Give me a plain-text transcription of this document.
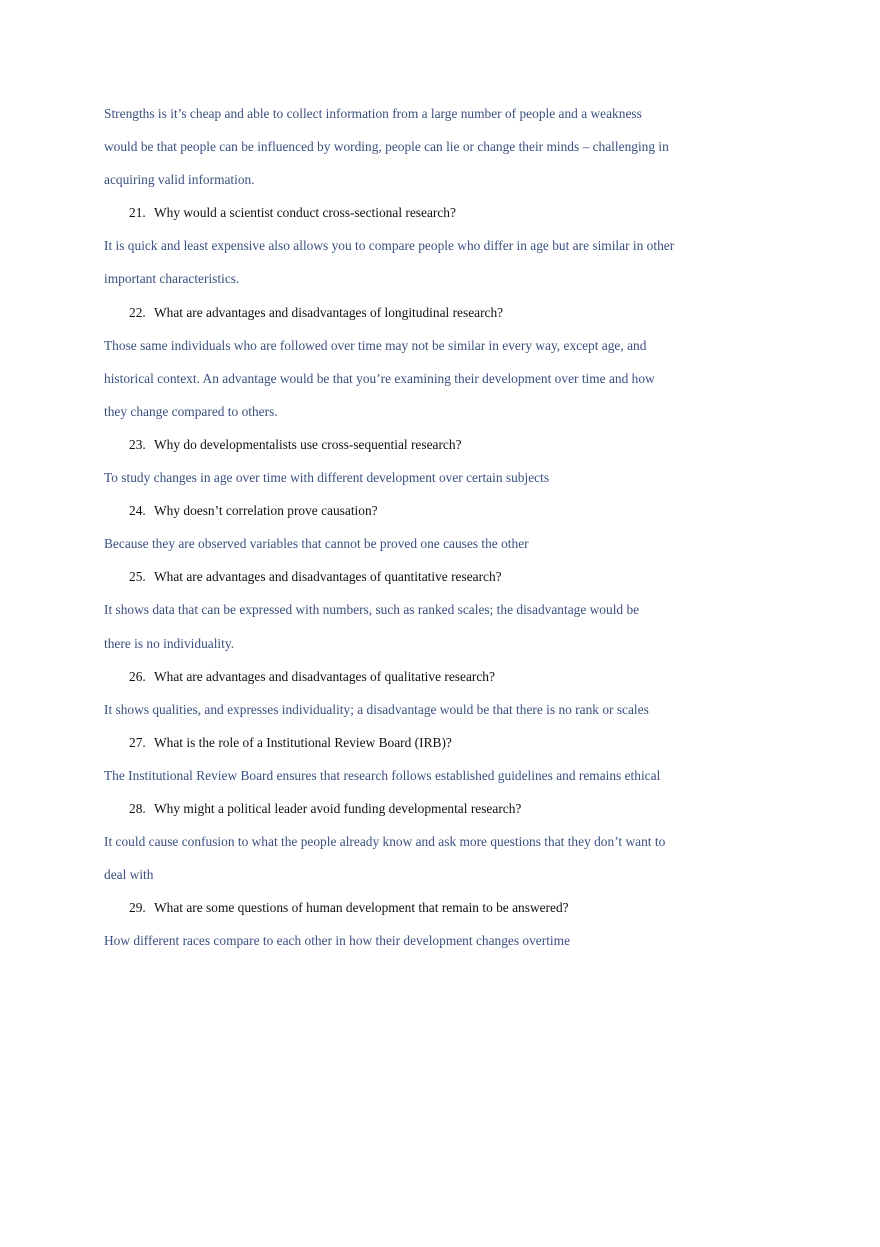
Strengths is it’s cheap and able to collect information from a large number of people and a weakness
would be that people can be influenced by wording, people can lie or change their minds – challenging in
acquiring valid information.
21. Why would a scientist conduct cross-sectional research?
It is quick and least expensive also allows you to compare people who differ in age but are similar in other
important characteristics.
22. What are advantages and disadvantages of longitudinal research?
Those same individuals who are followed over time may not be similar in every way, except age, and
historical context. An advantage would be that you’re examining their development over time and how
they change compared to others.
23. Why do developmentalists use cross-sequential research?
To study changes in age over time with different development over certain subjects
24. Why doesn’t correlation prove causation?
Because they are observed variables that cannot be proved one causes the other
25. What are advantages and disadvantages of quantitative research?
It shows data that can be expressed with numbers, such as ranked scales; the disadvantage would be
there is no individuality.
26. What are advantages and disadvantages of qualitative research?
It shows qualities, and expresses individuality; a disadvantage would be that there is no rank or scales
27. What is the role of a Institutional Review Board (IRB)?
The Institutional Review Board ensures that research follows established guidelines and remains ethical
28. Why might a political leader avoid funding developmental research?
It could cause confusion to what the people already know and ask more questions that they don’t want to
deal with
29. What are some questions of human development that remain to be answered?
How different races compare to each other in how their development changes overtime
